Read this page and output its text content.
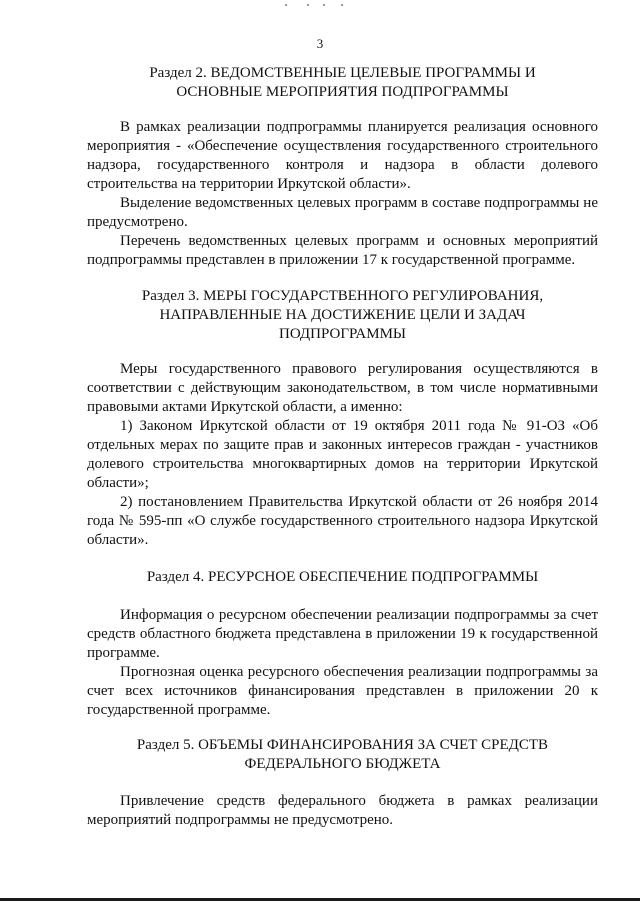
3
Раздел 2. ВЕДОМСТВЕННЫЕ ЦЕЛЕВЫЕ ПРОГРАММЫ И
ОСНОВНЫЕ МЕРОПРИЯТИЯ ПОДПРОГРАММЫ

В рамках реализации подпрограммы планируется реализация основного мероприятия - «Обеспечение осуществления государственного строительного надзора, государственного контроля и надзора в области долевого строительства на территории Иркутской области».

Выделение ведомственных целевых программ в составе подпрограммы не предусмотрено.

Перечень ведомственных целевых программ и основных мероприятий подпрограммы представлен в приложении 17 к государственной программе.

Раздел 3. МЕРЫ ГОСУДАРСТВЕННОГО РЕГУЛИРОВАНИЯ,
НАПРАВЛЕННЫЕ НА ДОСТИЖЕНИЕ ЦЕЛИ И ЗАДАЧ
ПОДПРОГРАММЫ

Меры государственного правового регулирования осуществляются в соответствии с действующим законодательством, в том числе нормативными правовыми актами Иркутской области, а именно:

1) Законом Иркутской области от 19 октября 2011 года № 91-ОЗ «Об отдельных мерах по защите прав и законных интересов граждан - участников долевого строительства многоквартирных домов на территории Иркутской области»;

2) постановлением Правительства Иркутской области от 26 ноября 2014 года № 595-пп «О службе государственного строительного надзора Иркутской области».

Раздел 4. РЕСУРСНОЕ ОБЕСПЕЧЕНИЕ ПОДПРОГРАММЫ

Информация о ресурсном обеспечении реализации подпрограммы за счет средств областного бюджета представлена в приложении 19 к государственной программе.

Прогнозная оценка ресурсного обеспечения реализации подпрограммы за счет всех источников финансирования представлен в приложении 20 к государственной программе.

Раздел 5. ОБЪЕМЫ ФИНАНСИРОВАНИЯ ЗА СЧЕТ СРЕДСТВ
ФЕДЕРАЛЬНОГО БЮДЖЕТА

Привлечение средств федерального бюджета в рамках реализации мероприятий подпрограммы не предусмотрено.
